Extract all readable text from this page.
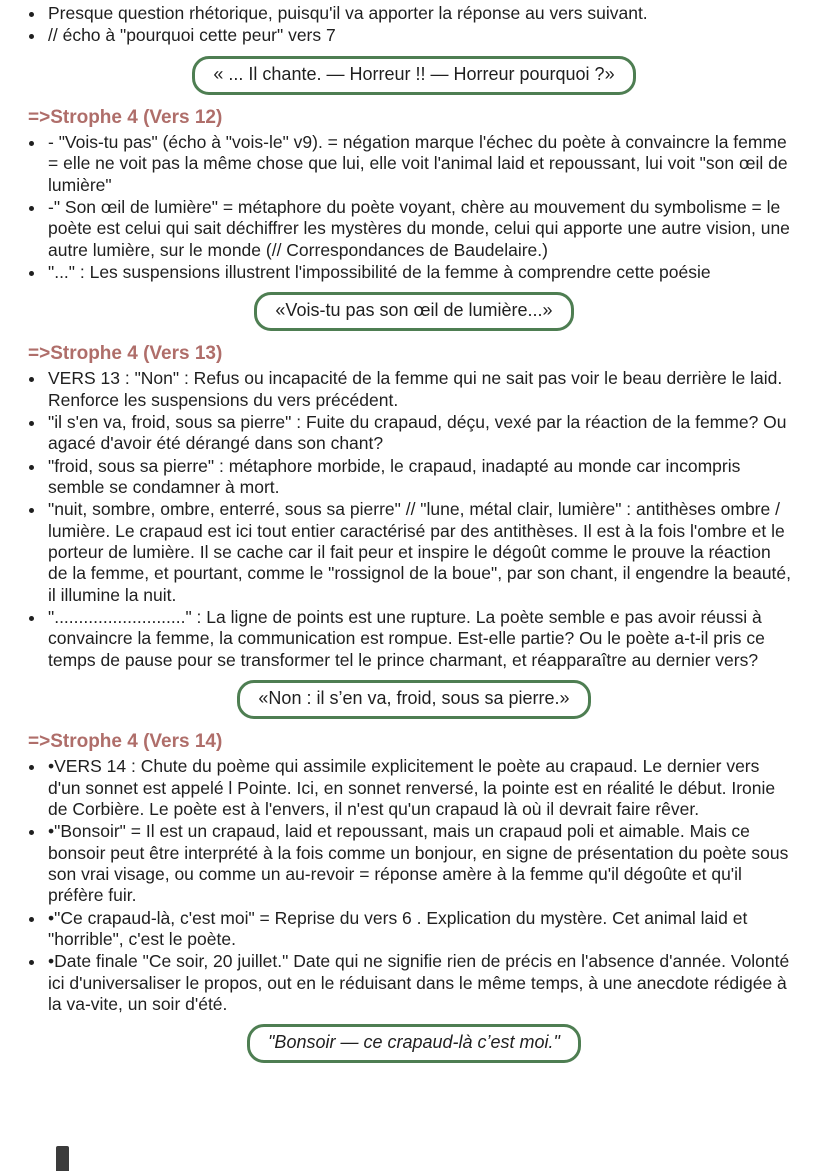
• Presque question rhétorique, puisqu'il va apporter la réponse au vers suivant.
• // écho à "pourquoi cette peur" vers 7
« ... Il chante. — Horreur !! — Horreur pourquoi ?»
=>Strophe 4 (Vers 12)
• - "Vois-tu pas" (écho à "vois-le" v9). = négation marque l'échec du poète à convaincre la femme = elle ne voit pas la même chose que lui, elle voit l'animal laid et repoussant, lui voit "son œil de lumière"
• -" Son œil de lumière" = métaphore du poète voyant, chère au mouvement du symbolisme = le poète est celui qui sait déchiffrer les mystères du monde, celui qui apporte une autre vision, une autre lumière, sur le monde (// Correspondances de Baudelaire.)
• "..." : Les suspensions illustrent l'impossibilité de la femme à comprendre cette poésie
«Vois-tu pas son œil de lumière...»
=>Strophe 4 (Vers 13)
• VERS 13 : "Non" : Refus ou incapacité de la femme qui ne sait pas voir le beau derrière le laid. Renforce les suspensions du vers précédent.
• "il s'en va, froid, sous sa pierre" : Fuite du crapaud, déçu, vexé par la réaction de la femme? Ou agacé d'avoir été dérangé dans son chant?
• "froid, sous sa pierre" : métaphore morbide, le crapaud, inadapté au monde car incompris semble se condamner à mort.
• "nuit, sombre, ombre, enterré, sous sa pierre" // "lune, métal clair, lumière" : antithèses ombre / lumière. Le crapaud est ici tout entier caractérisé par des antithèses. Il est à la fois l'ombre et le porteur de lumière. Il se cache car il fait peur et inspire le dégoût comme le prouve la réaction de la femme, et pourtant, comme le "rossignol de la boue", par son chant, il engendre la beauté, il illumine la nuit.
• "..........................." : La ligne de points est une rupture. La poète semble e pas avoir réussi à convaincre la femme, la communication est rompue. Est-elle partie? Ou le poète a-t-il pris ce temps de pause pour se transformer tel le prince charmant, et réapparaître au dernier vers?
«Non : il s’en va, froid, sous sa pierre.»
=>Strophe 4 (Vers 14)
• •VERS 14 : Chute du poème qui assimile explicitement le poète au crapaud. Le dernier vers d'un sonnet est appelé l Pointe. Ici, en sonnet renversé, la pointe est en réalité le début. Ironie de Corbière. Le poète est à l'envers, il n'est qu'un crapaud là où il devrait faire rêver.
• •"Bonsoir" = Il est un crapaud, laid et repoussant, mais un crapaud poli et aimable. Mais ce bonsoir peut être interprété à la fois comme un bonjour, en signe de présentation du poète sous son vrai visage, ou comme un au-revoir = réponse amère à la femme qu'il dégoûte et qu'il préfère fuir.
• •"Ce crapaud-là, c'est moi" = Reprise du vers 6 . Explication du mystère. Cet animal laid et "horrible", c'est le poète.
• •Date finale "Ce soir, 20 juillet." Date qui ne signifie rien de précis en l'absence d'année. Volonté ici d'universaliser le propos, out en le réduisant dans le même temps, à une anecdote rédigée à la va-vite, un soir d'été.
"Bonsoir — ce crapaud-là c’est moi."
